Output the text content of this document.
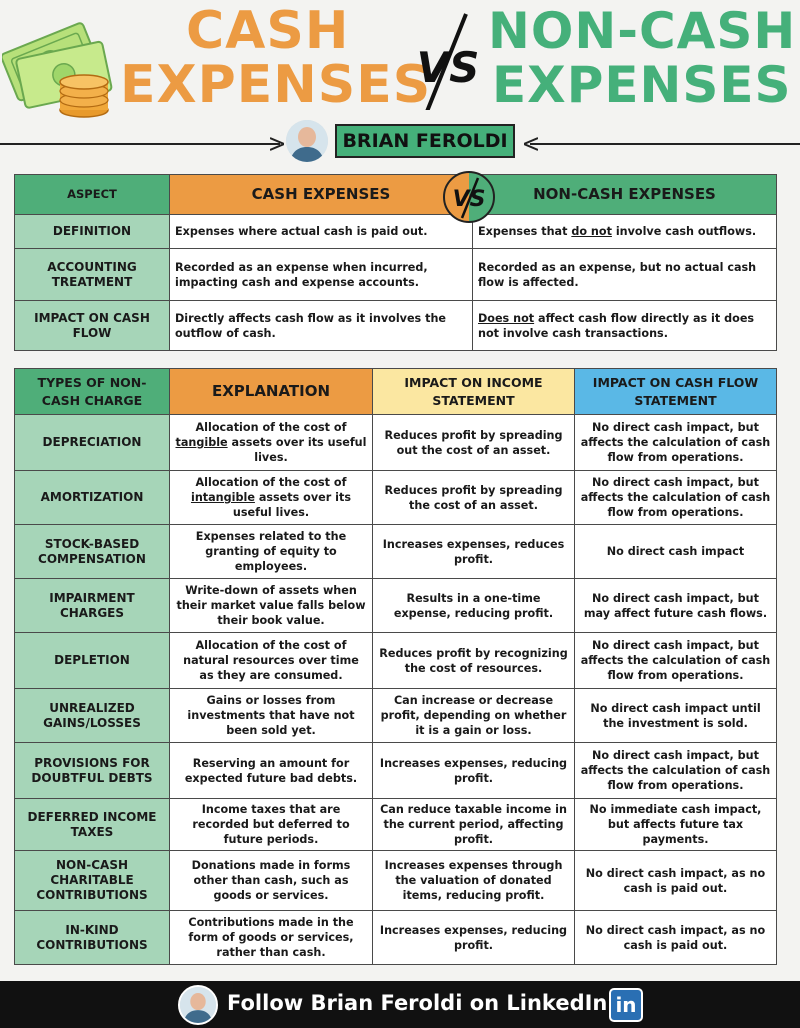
CASH
EXPENSES
VS
NON-CASH
EXPENSES
BRIAN FEROLDI
ASPECT	CASH EXPENSES	NON-CASH EXPENSES
DEFINITION	Expenses where actual cash is paid out.	Expenses that do not involve cash outflows.
ACCOUNTING TREATMENT	Recorded as an expense when incurred, impacting cash and expense accounts.	Recorded as an expense, but no actual cash flow is affected.
IMPACT ON CASH FLOW	Directly affects cash flow as it involves the outflow of cash.	Does not affect cash flow directly as it does not involve cash transactions.
VS
TYPES OF NON-CASH CHARGE	EXPLANATION	IMPACT ON INCOME STATEMENT	IMPACT ON CASH FLOW STATEMENT
DEPRECIATION	Allocation of the cost of tangible assets over its useful lives.	Reduces profit by spreading out the cost of an asset.	No direct cash impact, but affects the calculation of cash flow from operations.
AMORTIZATION	Allocation of the cost of intangible assets over its useful lives.	Reduces profit by spreading the cost of an asset.	No direct cash impact, but affects the calculation of cash flow from operations.
STOCK-BASED COMPENSATION	Expenses related to the granting of equity to employees.	Increases expenses, reduces profit.	No direct cash impact
IMPAIRMENT CHARGES	Write-down of assets when their market value falls below their book value.	Results in a one-time expense, reducing profit.	No direct cash impact, but may affect future cash flows.
DEPLETION	Allocation of the cost of natural resources over time as they are consumed.	Reduces profit by recognizing the cost of resources.	No direct cash impact, but affects the calculation of cash flow from operations.
UNREALIZED GAINS/LOSSES	Gains or losses from investments that have not been sold yet.	Can increase or decrease profit, depending on whether it is a gain or loss.	No direct cash impact until the investment is sold.
PROVISIONS FOR DOUBTFUL DEBTS	Reserving an amount for expected future bad debts.	Increases expenses, reducing profit.	No direct cash impact, but affects the calculation of cash flow from operations.
DEFERRED INCOME TAXES	Income taxes that are recorded but deferred to future periods.	Can reduce taxable income in the current period, affecting profit.	No immediate cash impact, but affects future tax payments.
NON-CASH CHARITABLE CONTRIBUTIONS	Donations made in forms other than cash, such as goods or services.	Increases expenses through the valuation of donated items, reducing profit.	No direct cash impact, as no cash is paid out.
IN-KIND CONTRIBUTIONS	Contributions made in the form of goods or services, rather than cash.	Increases expenses, reducing profit.	No direct cash impact, as no cash is paid out.
Follow Brian Feroldi on LinkedIn in
